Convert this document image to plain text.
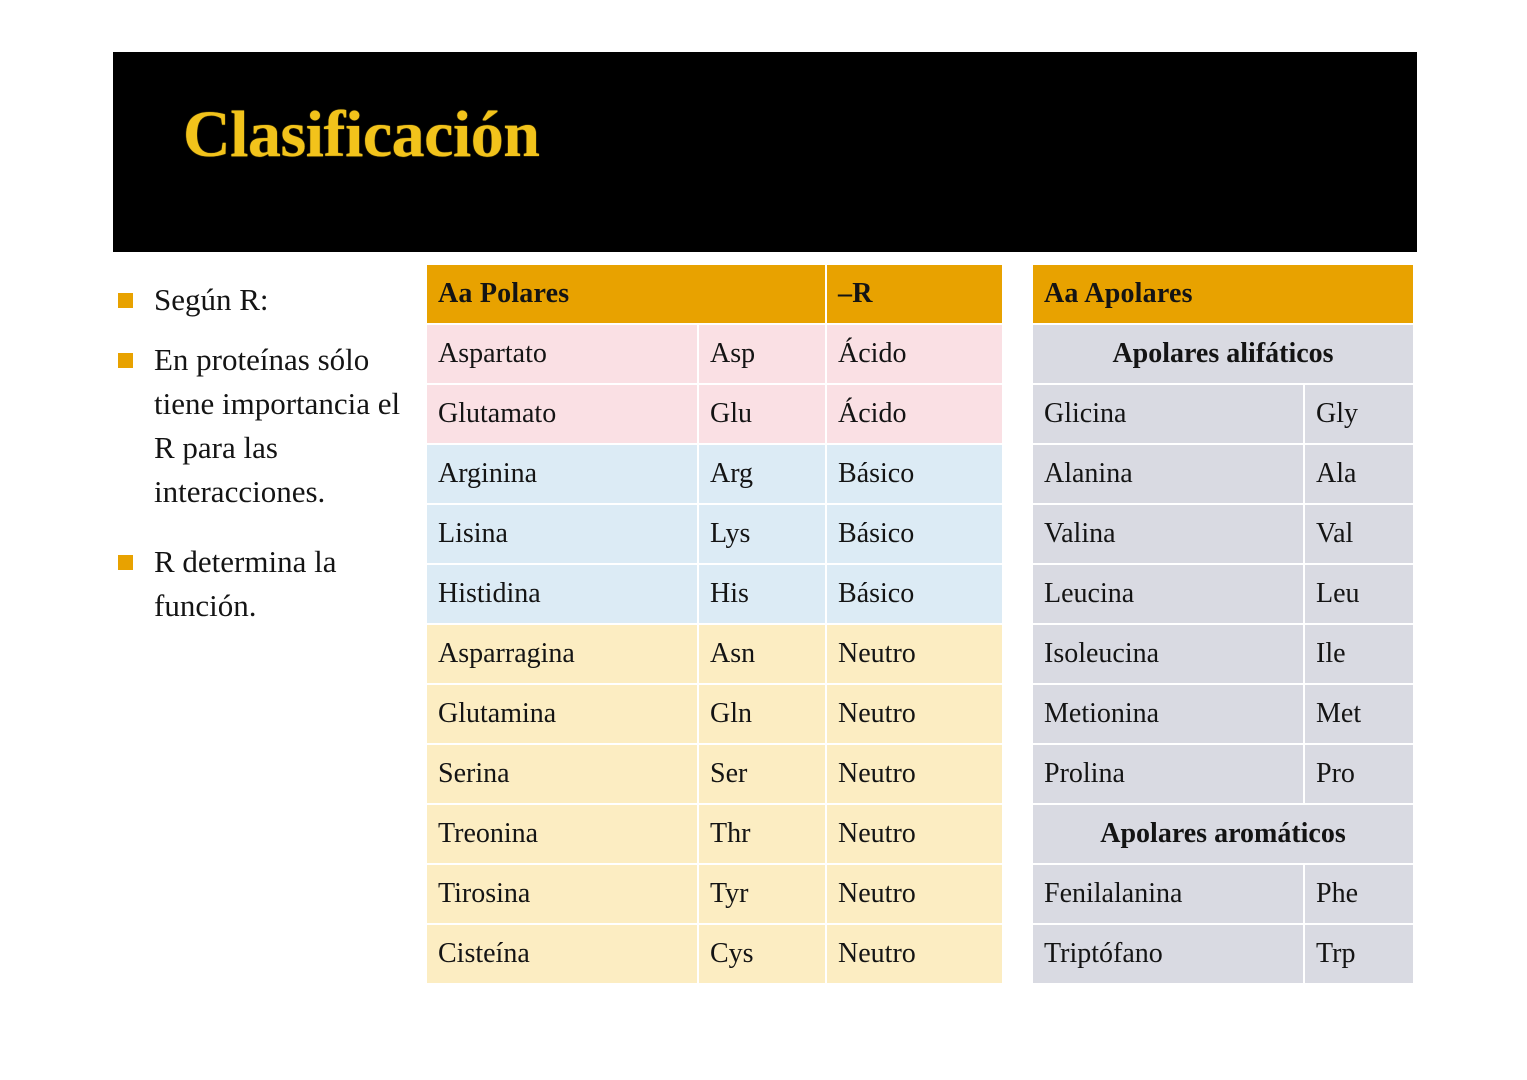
Clasificación
Según R:
En proteínas sólo tiene importancia el R para las interacciones.
R determina la función.
Aa Polares		–R
Aspartato	Asp	Ácido
Glutamato	Glu	Ácido
Arginina	Arg	Básico
Lisina	Lys	Básico
Histidina	His	Básico
Asparragina	Asn	Neutro
Glutamina	Gln	Neutro
Serina	Ser	Neutro
Treonina	Thr	Neutro
Tirosina	Tyr	Neutro
Cisteína	Cys	Neutro
Aa Apolares	
Apolares alifáticos	
Glicina	Gly
Alanina	Ala
Valina	Val
Leucina	Leu
Isoleucina	Ile
Metionina	Met
Prolina	Pro
Apolares aromáticos	
Fenilalanina	Phe
Triptófano	Trp
